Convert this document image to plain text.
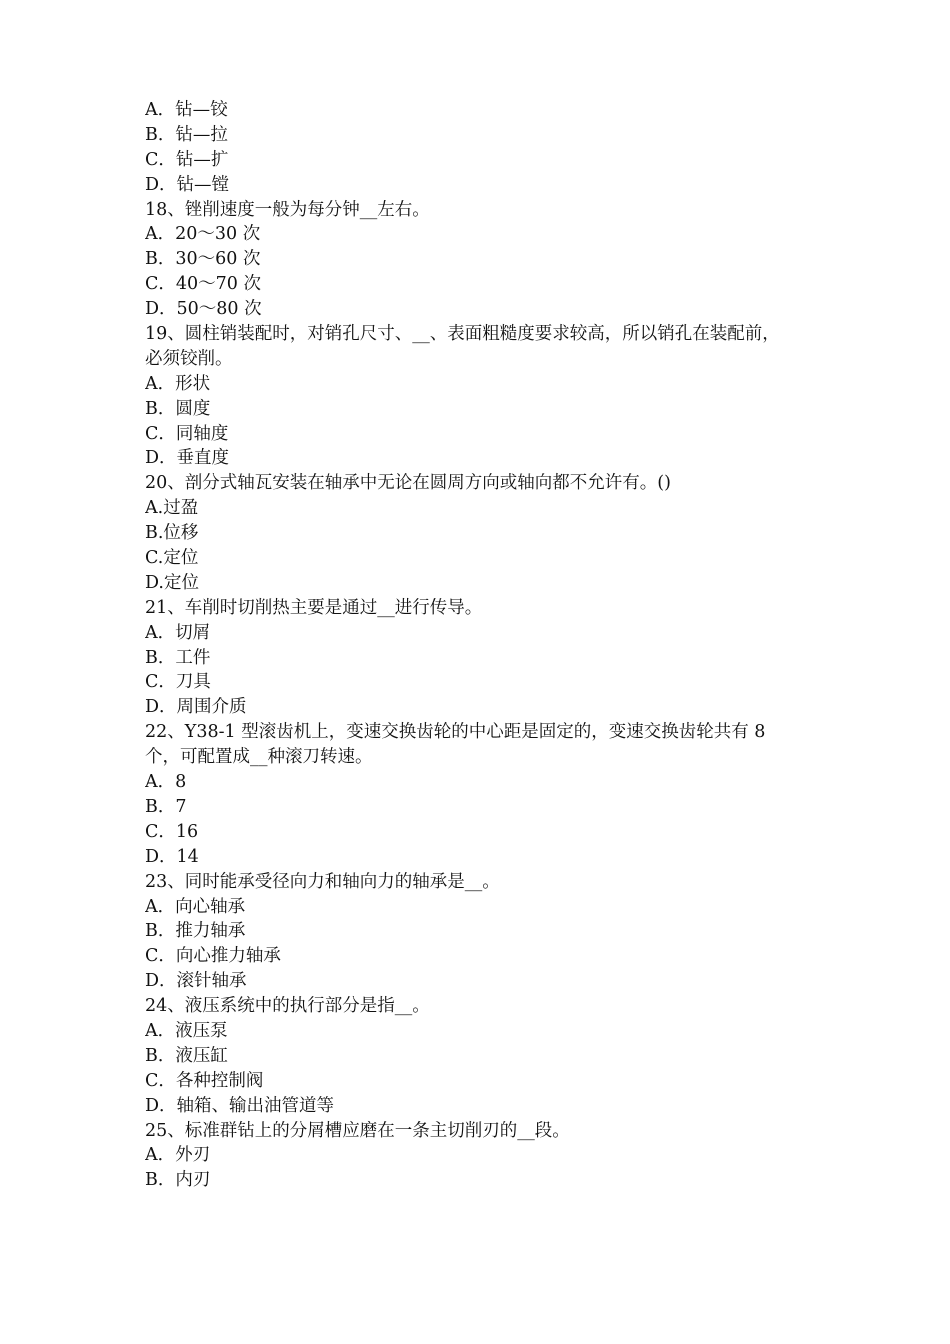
A．钻—铰
B．钻—拉
C．钻—扩
D．钻—镗
18、锉削速度一般为每分钟__左右。
A．20～30 次
B．30～60 次
C．40～70 次
D．50～80 次
19、圆柱销装配时，对销孔尺寸、__、表面粗糙度要求较高，所以销孔在装配前，
必须铰削。
A．形状
B．圆度
C．同轴度
D．垂直度
20、剖分式轴瓦安装在轴承中无论在圆周方向或轴向都不允许有。()
A.过盈
B.位移
C.定位
D.定位
21、车削时切削热主要是通过__进行传导。
A．切屑
B．工件
C．刀具
D．周围介质
22、Y38-1 型滚齿机上，变速交换齿轮的中心距是固定的，变速交换齿轮共有 8
个，可配置成__种滚刀转速。
A．8
B．7
C．16
D．14
23、同时能承受径向力和轴向力的轴承是__。
A．向心轴承
B．推力轴承
C．向心推力轴承
D．滚针轴承
24、液压系统中的执行部分是指__。
A．液压泵
B．液压缸
C．各种控制阀
D．轴箱、输出油管道等
25、标准群钻上的分屑槽应磨在一条主切削刃的__段。
A．外刃
B．内刃
